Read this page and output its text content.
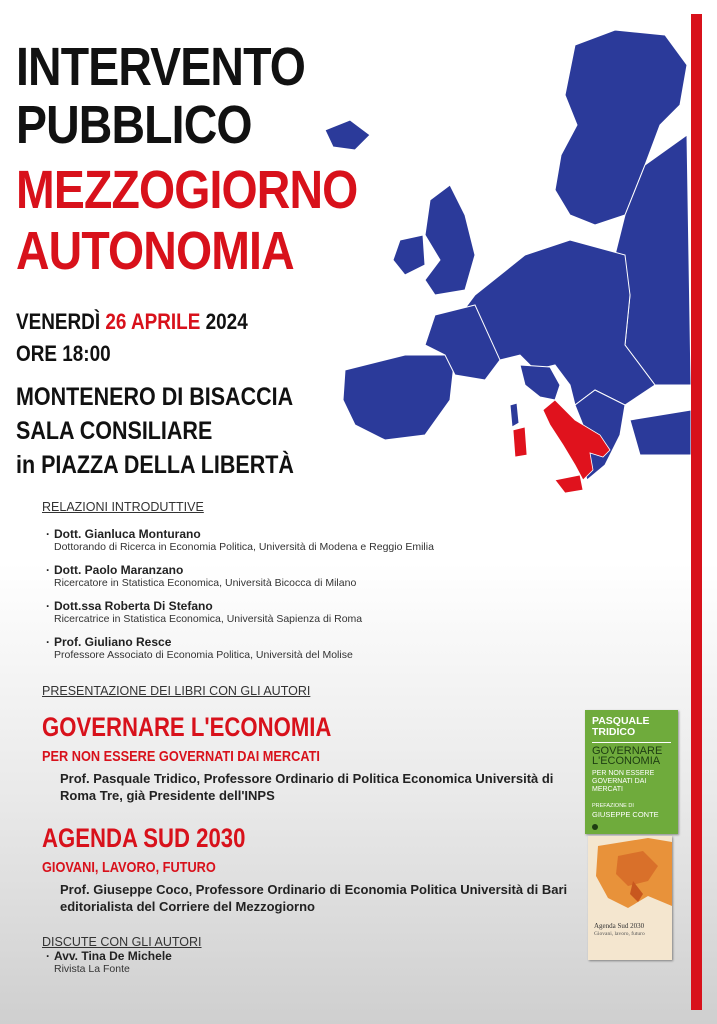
INTERVENTO
PUBBLICO
MEZZOGIORNO
AUTONOMIA
VENERDÌ 26 APRILE 2024
ORE 18:00
MONTENERO DI BISACCIA
SALA CONSILIARE
in PIAZZA DELLA LIBERTÀ
RELAZIONI INTRODUTTIVE
· Dott. Gianluca Monturano
Dottorando di Ricerca in Economia Politica, Università di Modena e Reggio Emilia
· Dott. Paolo Maranzano
Ricercatore in Statistica Economica, Università Bicocca di Milano
· Dott.ssa Roberta Di Stefano
Ricercatrice in Statistica Economica, Università Sapienza di Roma
· Prof. Giuliano Resce
Professore Associato di Economia Politica, Università del Molise
PRESENTAZIONE DEI LIBRI CON GLI AUTORI
GOVERNARE L'ECONOMIA
PER NON ESSERE GOVERNATI DAI MERCATI
Prof. Pasquale Tridico, Professore Ordinario di Politica Economica Università di Roma Tre, già Presidente dell'INPS
AGENDA SUD 2030
GIOVANI, LAVORO, FUTURO
Prof. Giuseppe Coco, Professore Ordinario di Economia Politica Università di Bari editorialista del Corriere del Mezzogiorno
DISCUTE CON GLI AUTORI
· Avv. Tina De Michele
Rivista La Fonte
PASQUALE TRIDICO
GOVERNARE L'ECONOMIA
PER NON ESSERE GOVERNATI DAI MERCATI
PREFAZIONE DI
GIUSEPPE CONTE
Agenda Sud 2030
Giovani, lavoro, futuro
